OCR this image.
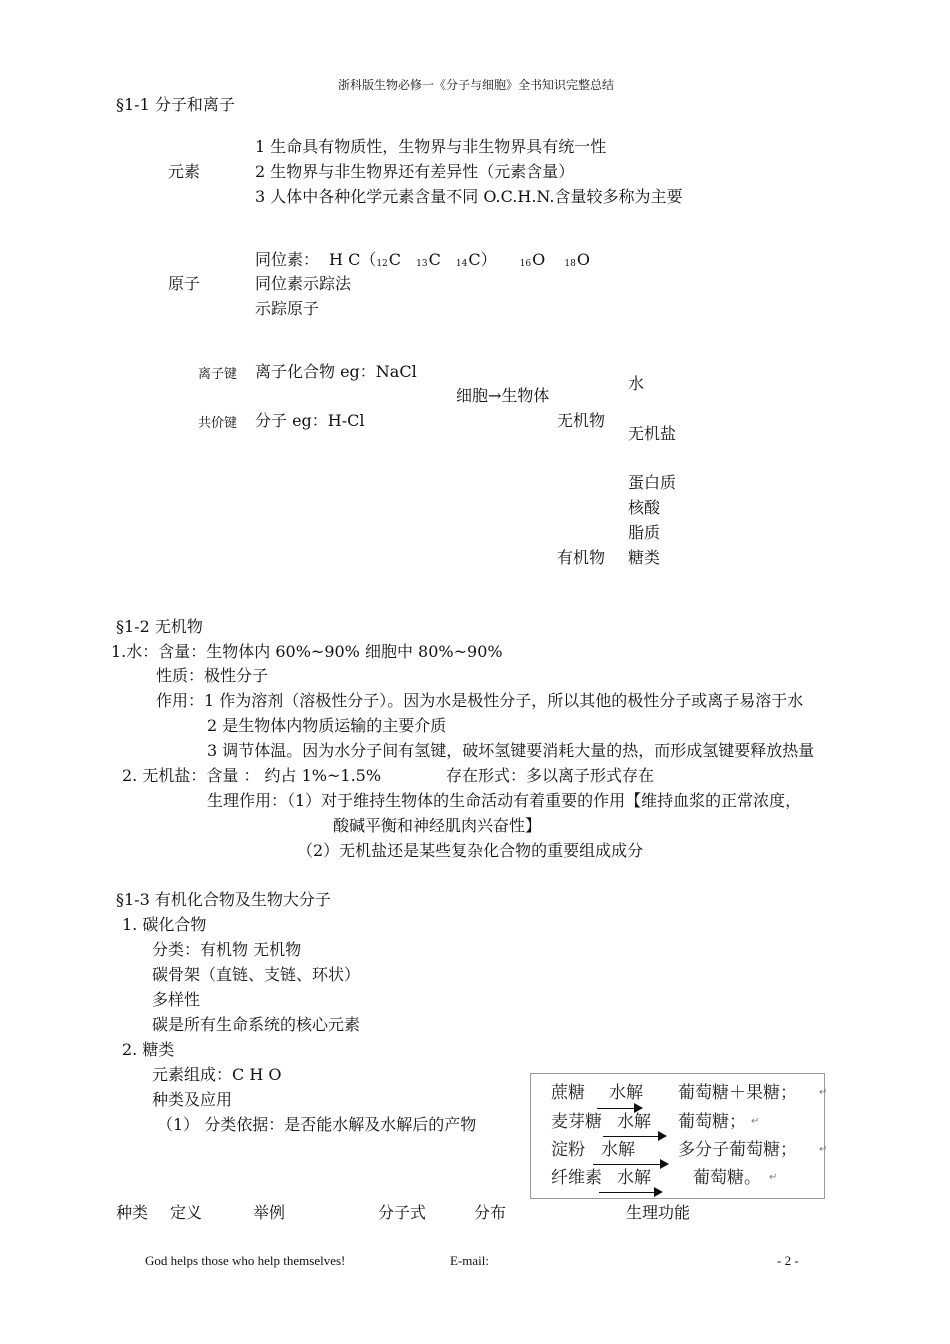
浙科版生物必修一《分子与细胞》全书知识完整总结
§1-1 分子和离子
元素
1 生命具有物质性，生物界与非生物界具有统一性
2 生物界与非生物界还有差异性（元素含量）
3 人体中各种化学元素含量不同 O.C.H.N.含量较多称为主要
同位素： H $C(_{12}C$ $_{13}$C $_{14}$C）	$_{16}$O $_{18}$O
原子	同位素示踪法
示踪原子
离子键 离子化合物 eg：NaCl
共价键 分子 eg：H-Cl
细胞→生物体
无机物
水
无机盐
蛋白质
核酸
脂质
有机物 糖类
§1-2 无机物
1.水：含量：生物体内 60%~90% 细胞中 80%~90%
性质：极性分子
作用：1 作为溶剂（溶极性分子）。因为水是极性分子，所以其他的极性分子或离子易溶于水
2 是生物体内物质运输的主要介质
3 调节体温。因为水分子间有氢键，破坏氢键要消耗大量的热，而形成氢键要释放热量
2. 无机盐：含量 ： 约占 1%~1.5%	存在形式：多以离子形式存在
生理作用：（1）对于维持生物体的生命活动有着重要的作用【维持血浆的正常浓度，
酸碱平衡和神经肌肉兴奋性】
（2）无机盐还是某些复杂化合物的重要组成成分
§1-3 有机化合物及生物大分子
1. 碳化合物
分类：有机物 无机物
碳骨架（直链、支链、环状）
多样性
碳是所有生命系统的核心元素
2. 糖类
元素组成：C H O
种类及应用
（1） 分类依据：是否能水解及水解后的产物
蔗糖 水解 葡萄糖＋果糖； ↵
麦芽糖 水解 葡萄糖； ↵
淀粉 水解	多分子葡萄糖； ↵
纤维素 水解 葡萄糖。 ↵
种类 定义	举例	分子式	分布	生理功能
God helps those who help themselves!	E-mail:	- 2 -
